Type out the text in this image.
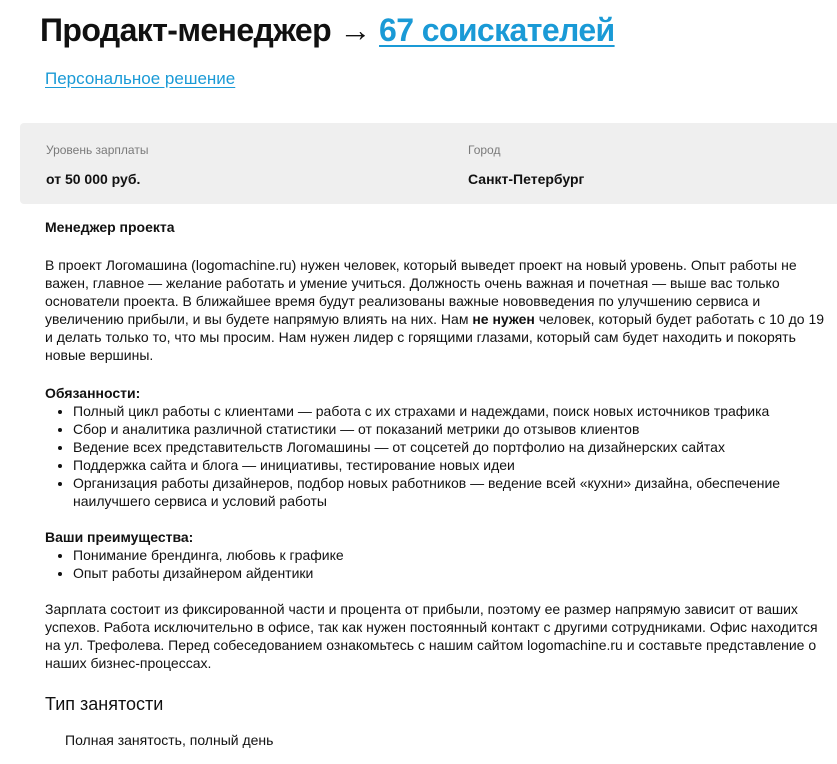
Продакт-менеджер → 67 соискателей
Персональное решение
Уровень зарплаты
от 50 000 руб.
Город
Санкт-Петербург

Менеджер проекта

В проект Логомашина (logomachine.ru) нужен человек, который выведет проект на новый уровень. Опыт работы не важен, главное — желание работать и умение учиться. Должность очень важная и почетная — выше вас только основатели проекта. В ближайшее время будут реализованы важные нововведения по улучшению сервиса и увеличению прибыли, и вы будете напрямую влиять на них. Нам не нужен человек, который будет работать с 10 до 19 и делать только то, что мы просим. Нам нужен лидер с горящими глазами, который сам будет находить и покорять новые вершины.

Обязанности:

• Полный цикл работы с клиентами — работа с их страхами и надеждами, поиск новых источников трафика
• Сбор и аналитика различной статистики — от показаний метрики до отзывов клиентов
• Ведение всех представительств Логомашины — от соцсетей до портфолио на дизайнерских сайтах
• Поддержка сайта и блога — инициативы, тестирование новых идеи
• Организация работы дизайнеров, подбор новых работников — ведение всей «кухни» дизайна, обеспечение наилучшего сервиса и условий работы

Ваши преимущества:

• Понимание брендинга, любовь к графике
• Опыт работы дизайнером айдентики

Зарплата состоит из фиксированной части и процента от прибыли, поэтому ее размер напрямую зависит от ваших успехов. Работа исключительно в офисе, так как нужен постоянный контакт с другими сотрудниками. Офис находится на ул. Трефолева. Перед собеседованием ознакомьтесь с нашим сайтом logomachine.ru и составьте представление о наших бизнес-процессах.

Тип занятости
Полная занятость, полный день
